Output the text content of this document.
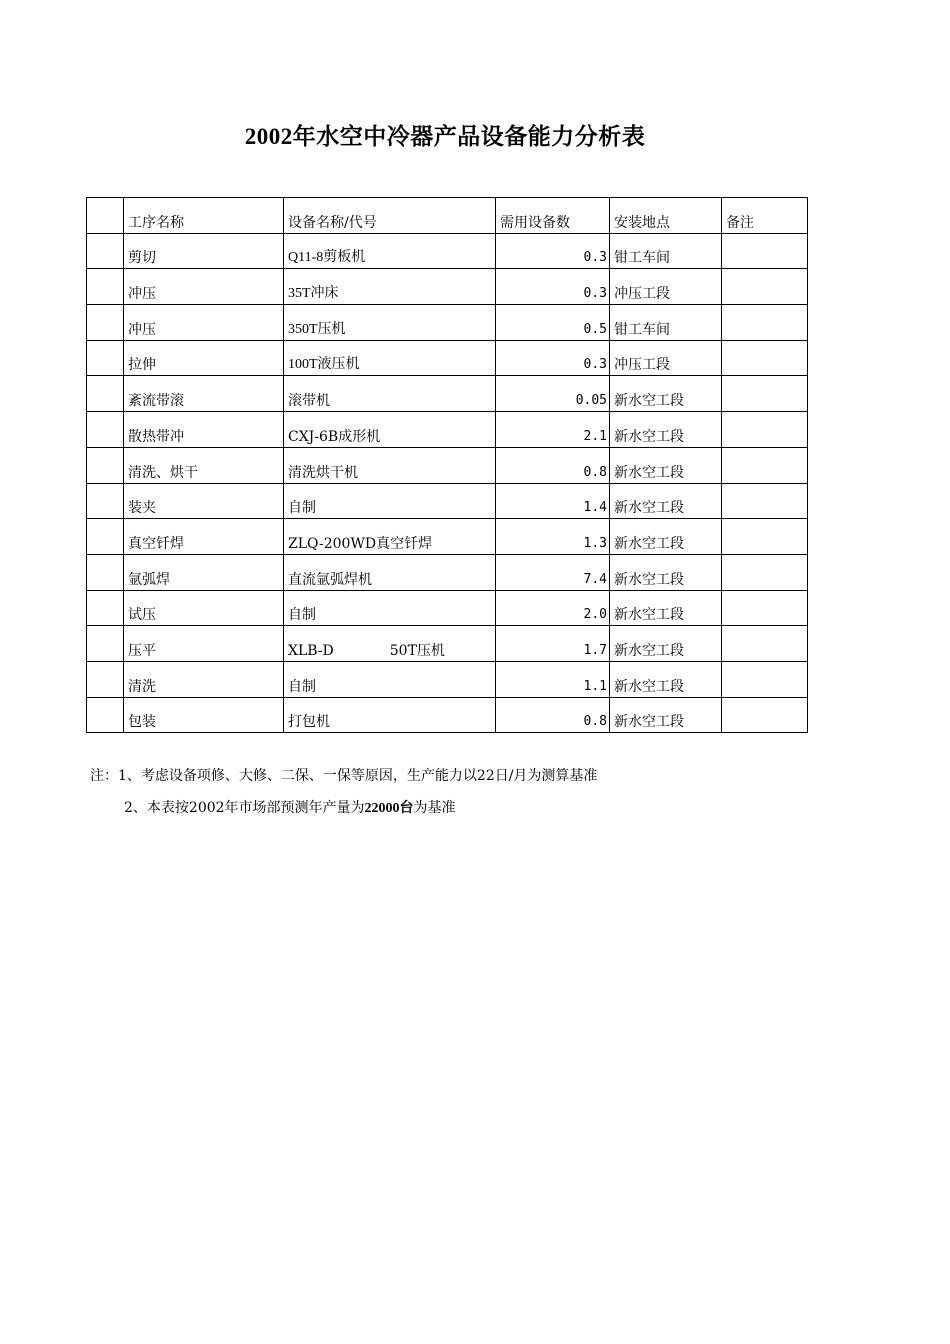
2002年水空中冷器产品设备能力分析表
	工序名称	设备名称/代号	需用设备数	安装地点	备注
	剪切	Q11-8剪板机	0.3	钳工车间	
	冲压	35T冲床	0.3	冲压工段	
	冲压	350T压机	0.5	钳工车间	
	拉伸	100T液压机	0.3	冲压工段	
	紊流带滚	滚带机	0.05	新水空工段	
	散热带冲	CXJ-6B成形机	2.1	新水空工段	
	清洗、烘干	清洗烘干机	0.8	新水空工段	
	装夹	自制	1.4	新水空工段	
	真空钎焊	ZLQ-200WD真空钎焊	1.3	新水空工段	
	氩弧焊	直流氩弧焊机	7.4	新水空工段	
	试压	自制	2.0	新水空工段	
	压平	XLB-D　　　　50T压机	1.7	新水空工段	
	清洗	自制	1.1	新水空工段	
	包装	打包机	0.8	新水空工段	
注：1、考虑设备项修、大修、二保、一保等原因，生产能力以22日/月为测算基准
2、本表按2002年市场部预测年产量为22000台为基准
